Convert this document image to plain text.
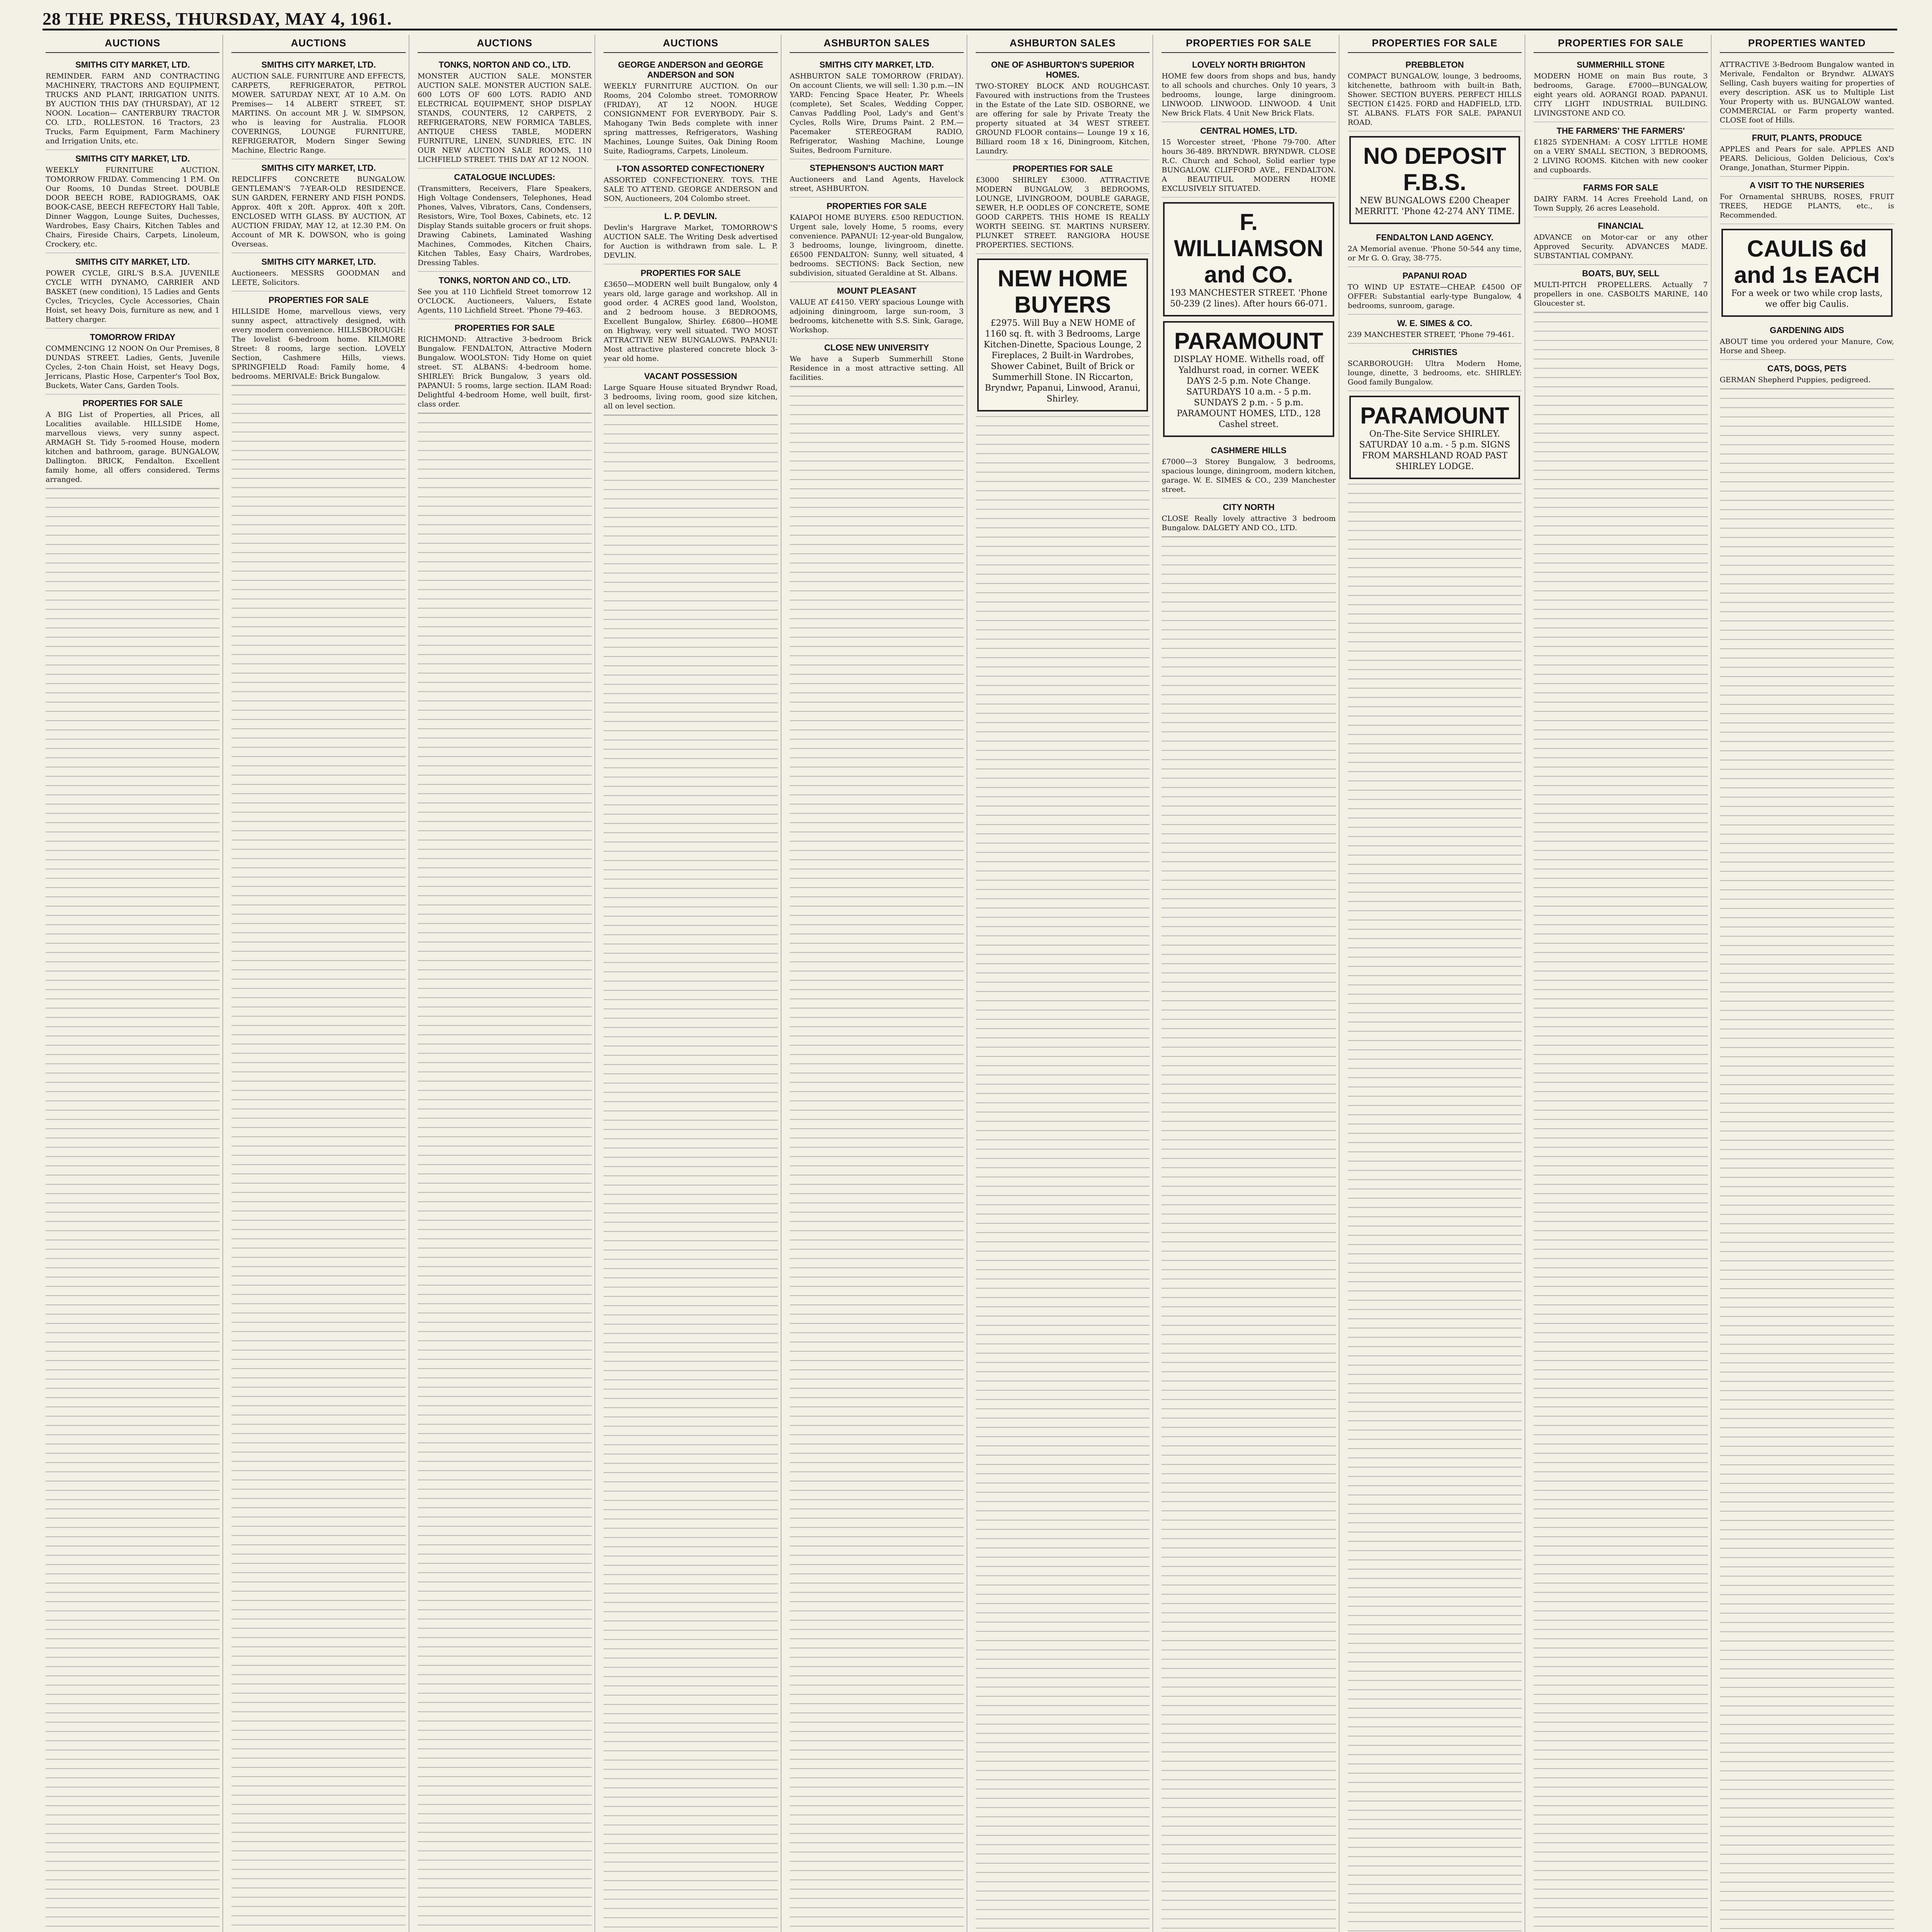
28 THE PRESS, THURSDAY, MAY 4, 1961.
AUCTIONS
SMITHS CITY MARKET, LTD.
REMINDER. FARM AND CONTRACTING MACHINERY, TRACTORS AND EQUIPMENT, TRUCKS AND PLANT, IRRIGATION UNITS. BY AUCTION THIS DAY (THURSDAY), AT 12 NOON. Location— CANTERBURY TRACTOR CO. LTD., ROLLESTON. 16 Tractors, 23 Trucks, Farm Equipment, Farm Machinery and Irrigation Units, etc.
SMITHS CITY MARKET, LTD.
WEEKLY FURNITURE AUCTION. TOMORROW FRIDAY. Commencing 1 P.M. On Our Rooms, 10 Dundas Street. DOUBLE DOOR BEECH ROBE, RADIOGRAMS, OAK BOOK-CASE, BEECH REFECTORY Hall Table, Dinner Waggon, Lounge Suites, Duchesses, Wardrobes, Easy Chairs, Kitchen Tables and Chairs, Fireside Chairs, Carpets, Linoleum, Crockery, etc.
SMITHS CITY MARKET, LTD.
POWER CYCLE, GIRL'S B.S.A. JUVENILE CYCLE WITH DYNAMO, CARRIER AND BASKET (new condition), 15 Ladies and Gents Cycles, Tricycles, Cycle Accessories, Chain Hoist, set heavy Dois, furniture as new, and 1 Battery charger.
TOMORROW FRIDAY
COMMENCING 12 NOON On Our Premises, 8 DUNDAS STREET. Ladies, Gents, Juvenile Cycles, 2-ton Chain Hoist, set Heavy Dogs, Jerricans, Plastic Hose, Carpenter's Tool Box, Buckets, Water Cans, Garden Tools.
PROPERTIES FOR SALE
A BIG List of Properties, all Prices, all Localities available. HILLSIDE Home, marvellous views, very sunny aspect. ARMAGH St. Tidy 5-roomed House, modern kitchen and bathroom, garage. BUNGALOW, Dallington. BRICK, Fendalton. Excellent family home, all offers considered. Terms arranged.
AUCTIONS
SMITHS CITY MARKET, LTD.
AUCTION SALE. FURNITURE AND EFFECTS, CARPETS, REFRIGERATOR, PETROL MOWER. SATURDAY NEXT, AT 10 A.M. On Premises— 14 ALBERT STREET, ST. MARTINS. On account MR J. W. SIMPSON, who is leaving for Australia. FLOOR COVERINGS, LOUNGE FURNITURE, REFRIGERATOR, Modern Singer Sewing Machine, Electric Range.
SMITHS CITY MARKET, LTD.
REDCLIFFS CONCRETE BUNGALOW. GENTLEMAN'S 7-YEAR-OLD RESIDENCE. SUN GARDEN, FERNERY AND FISH PONDS. Approx. 40ft x 20ft. Approx. 40ft x 20ft. ENCLOSED WITH GLASS. BY AUCTION, AT AUCTION FRIDAY, MAY 12, at 12.30 P.M. On Account of MR K. DOWSON, who is going Overseas.
SMITHS CITY MARKET, LTD.
Auctioneers. MESSRS GOODMAN and LEETE, Solicitors.
PROPERTIES FOR SALE
HILLSIDE Home, marvellous views, very sunny aspect, attractively designed, with every modern convenience. HILLSBOROUGH: The lovelist 6-bedroom home. KILMORE Street: 8 rooms, large section. LOVELY Section, Cashmere Hills, views. SPRINGFIELD Road: Family home, 4 bedrooms. MERIVALE: Brick Bungalow.
AUCTIONS
TONKS, NORTON AND CO., LTD.
MONSTER AUCTION SALE. MONSTER AUCTION SALE. MONSTER AUCTION SALE. 600 LOTS OF 600 LOTS. RADIO AND ELECTRICAL EQUIPMENT, SHOP DISPLAY STANDS, COUNTERS, 12 CARPETS, 2 REFRIGERATORS, NEW FORMICA TABLES, ANTIQUE CHESS TABLE, MODERN FURNITURE, LINEN, SUNDRIES, ETC. IN OUR NEW AUCTION SALE ROOMS, 110 LICHFIELD STREET. THIS DAY AT 12 NOON.
CATALOGUE INCLUDES:
(Transmitters, Receivers, Flare Speakers, High Voltage Condensers, Telephones, Head Phones, Valves, Vibrators, Cans, Condensers, Resistors, Wire, Tool Boxes, Cabinets, etc. 12 Display Stands suitable grocers or fruit shops. Drawing Cabinets, Laminated Washing Machines, Commodes, Kitchen Chairs, Kitchen Tables, Easy Chairs, Wardrobes, Dressing Tables.
TONKS, NORTON AND CO., LTD.
See you at 110 Lichfield Street tomorrow 12 O'CLOCK. Auctioneers, Valuers, Estate Agents, 110 Lichfield Street. 'Phone 79-463.
PROPERTIES FOR SALE
RICHMOND: Attractive 3-bedroom Brick Bungalow. FENDALTON, Attractive Modern Bungalow. WOOLSTON: Tidy Home on quiet street. ST. ALBANS: 4-bedroom home. SHIRLEY: Brick Bungalow, 3 years old. PAPANUI: 5 rooms, large section. ILAM Road: Delightful 4-bedroom Home, well built, first-class order.
AUCTIONS
GEORGE ANDERSON and GEORGE ANDERSON and SON
WEEKLY FURNITURE AUCTION. On our Rooms, 204 Colombo street. TOMORROW (FRIDAY), AT 12 NOON. HUGE CONSIGNMENT FOR EVERYBODY. Pair S. Mahogany Twin Beds complete with inner spring mattresses, Refrigerators, Washing Machines, Lounge Suites, Oak Dining Room Suite, Radiograms, Carpets, Linoleum.
I-TON ASSORTED CONFECTIONERY
ASSORTED CONFECTIONERY. TOYS. THE SALE TO ATTEND. GEORGE ANDERSON and SON, Auctioneers, 204 Colombo street.
L. P. DEVLIN.
Devlin's Hargrave Market, TOMORROW'S AUCTION SALE. The Writing Desk advertised for Auction is withdrawn from sale. L. P. DEVLIN.
PROPERTIES FOR SALE
£3650—MODERN well built Bungalow, only 4 years old, large garage and workshop. All in good order. 4 ACRES good land, Woolston, and 2 bedroom house. 3 BEDROOMS, Excellent Bungalow, Shirley. £6800—HOME on Highway, very well situated. TWO MOST ATTRACTIVE NEW BUNGALOWS. PAPANUI: Most attractive plastered concrete block 3-year old home.
VACANT POSSESSION
Large Square House situated Bryndwr Road, 3 bedrooms, living room, good size kitchen, all on level section.
ASHBURTON SALES
SMITHS CITY MARKET, LTD.
ASHBURTON SALE TOMORROW (FRIDAY). On account Clients, we will sell: 1.30 p.m.—IN YARD: Fencing Space Heater, Pr. Wheels (complete), Set Scales, Wedding Copper, Canvas Paddling Pool, Lady's and Gent's Cycles, Rolls Wire, Drums Paint. 2 P.M.—Pacemaker STEREOGRAM RADIO, Refrigerator, Washing Machine, Lounge Suites, Bedroom Furniture.
STEPHENSON'S AUCTION MART
Auctioneers and Land Agents, Havelock street, ASHBURTON.
PROPERTIES FOR SALE
KAIAPOI HOME BUYERS. £500 REDUCTION. Urgent sale, lovely Home, 5 rooms, every convenience. PAPANUI: 12-year-old Bungalow, 3 bedrooms, lounge, livingroom, dinette. £6500 FENDALTON: Sunny, well situated, 4 bedrooms. SECTIONS: Back Section, new subdivision, situated Geraldine at St. Albans.
MOUNT PLEASANT
VALUE AT £4150. VERY spacious Lounge with adjoining diningroom, large sun-room, 3 bedrooms, kitchenette with S.S. Sink, Garage, Workshop.
CLOSE NEW UNIVERSITY
We have a Superb Summerhill Stone Residence in a most attractive setting. All facilities.
ASHBURTON SALES
ONE OF ASHBURTON'S SUPERIOR HOMES.
TWO-STOREY BLOCK AND ROUGHCAST. Favoured with instructions from the Trustees in the Estate of the Late SID. OSBORNE, we are offering for sale by Private Treaty the property situated at 34 WEST STREET. GROUND FLOOR contains— Lounge 19 x 16, Billiard room 18 x 16, Diningroom, Kitchen, Laundry.
PROPERTIES FOR SALE
£3000 SHIRLEY £3000. ATTRACTIVE MODERN BUNGALOW, 3 BEDROOMS, LOUNGE, LIVINGROOM, DOUBLE GARAGE, SEWER, H.P. OODLES OF CONCRETE, SOME GOOD CARPETS. THIS HOME IS REALLY WORTH SEEING. ST. MARTINS NURSERY. PLUNKET STREET. RANGIORA HOUSE PROPERTIES. SECTIONS.
NEW HOME BUYERS
£2975. Will Buy a NEW HOME of 1160 sq. ft. with 3 Bedrooms, Large Kitchen-Dinette, Spacious Lounge, 2 Fireplaces, 2 Built-in Wardrobes, Shower Cabinet, Built of Brick or Summerhill Stone. IN Riccarton, Bryndwr, Papanui, Linwood, Aranui, Shirley.
PROPERTIES FOR SALE
LOVELY NORTH BRIGHTON
HOME few doors from shops and bus, handy to all schools and churches. Only 10 years, 3 bedrooms, lounge, large diningroom. LINWOOD. LINWOOD. LINWOOD. 4 Unit New Brick Flats. 4 Unit New Brick Flats.
CENTRAL HOMES, LTD.
15 Worcester street, 'Phone 79-700. After hours 36-489. BRYNDWR. BRYNDWR. CLOSE R.C. Church and School, Solid earlier type BUNGALOW. CLIFFORD AVE., FENDALTON. A BEAUTIFUL MODERN HOME EXCLUSIVELY SITUATED.
F. WILLIAMSON and CO.
193 MANCHESTER STREET. 'Phone 50-239 (2 lines). After hours 66-071.
PARAMOUNT
DISPLAY HOME. Withells road, off Yaldhurst road, in corner. WEEK DAYS 2-5 p.m. Note Change. SATURDAYS 10 a.m. - 5 p.m. SUNDAYS 2 p.m. - 5 p.m. PARAMOUNT HOMES, LTD., 128 Cashel street.
CASHMERE HILLS
£7000—3 Storey Bungalow, 3 bedrooms, spacious lounge, diningroom, modern kitchen, garage. W. E. SIMES & CO., 239 Manchester street.
CITY NORTH
CLOSE Really lovely attractive 3 bedroom Bungalow. DALGETY AND CO., LTD.
PROPERTIES FOR SALE
PREBBLETON
COMPACT BUNGALOW, lounge, 3 bedrooms, kitchenette, bathroom with built-in Bath, Shower. SECTION BUYERS. PERFECT HILLS SECTION £1425. FORD and HADFIELD, LTD. ST. ALBANS. FLATS FOR SALE. PAPANUI ROAD.
NO DEPOSIT F.B.S.
NEW BUNGALOWS £200 Cheaper MERRITT. 'Phone 42-274 ANY TIME.
FENDALTON LAND AGENCY.
2A Memorial avenue. 'Phone 50-544 any time, or Mr G. O. Gray, 38-775.
PAPANUI ROAD
TO WIND UP ESTATE—CHEAP. £4500 OF OFFER: Substantial early-type Bungalow, 4 bedrooms, sunroom, garage.
W. E. SIMES & CO.
239 MANCHESTER STREET, 'Phone 79-461.
CHRISTIES
SCARBOROUGH: Ultra Modern Home, lounge, dinette, 3 bedrooms, etc. SHIRLEY: Good family Bungalow.
PARAMOUNT
On-The-Site Service SHIRLEY. SATURDAY 10 a.m. - 5 p.m. SIGNS FROM MARSHLAND ROAD PAST SHIRLEY LODGE.
PROPERTIES FOR SALE
SUMMERHILL STONE
MODERN HOME on main Bus route, 3 bedrooms, Garage. £7000—BUNGALOW, eight years old. AORANGI ROAD. PAPANUI. CITY LIGHT INDUSTRIAL BUILDING. LIVINGSTONE AND CO.
THE FARMERS' THE FARMERS'
£1825 SYDENHAM: A COSY LITTLE HOME on a VERY SMALL SECTION, 3 BEDROOMS, 2 LIVING ROOMS. Kitchen with new cooker and cupboards.
FARMS FOR SALE
DAIRY FARM. 14 Acres Freehold Land, on Town Supply, 26 acres Leasehold.
FINANCIAL
ADVANCE on Motor-car or any other Approved Security. ADVANCES MADE. SUBSTANTIAL COMPANY.
BOATS, BUY, SELL
MULTI-PITCH PROPELLERS. Actually 7 propellers in one. CASBOLTS MARINE, 140 Gloucester st.
PROPERTIES WANTED
ATTRACTIVE 3-Bedroom Bungalow wanted in Merivale, Fendalton or Bryndwr. ALWAYS Selling, Cash buyers waiting for properties of every description. ASK us to Multiple List Your Property with us. BUNGALOW wanted. COMMERCIAL or Farm property wanted. CLOSE foot of Hills.
FRUIT, PLANTS, PRODUCE
APPLES and Pears for sale. APPLES AND PEARS. Delicious, Golden Delicious, Cox's Orange, Jonathan, Sturmer Pippin.
A VISIT TO THE NURSERIES
For Ornamental SHRUBS, ROSES, FRUIT TREES, HEDGE PLANTS, etc., is Recommended.
CAULIS 6d and 1s EACH
For a week or two while crop lasts, we offer big Caulis.
GARDENING AIDS
ABOUT time you ordered your Manure, Cow, Horse and Sheep.
CATS, DOGS, PETS
GERMAN Shepherd Puppies, pedigreed.
